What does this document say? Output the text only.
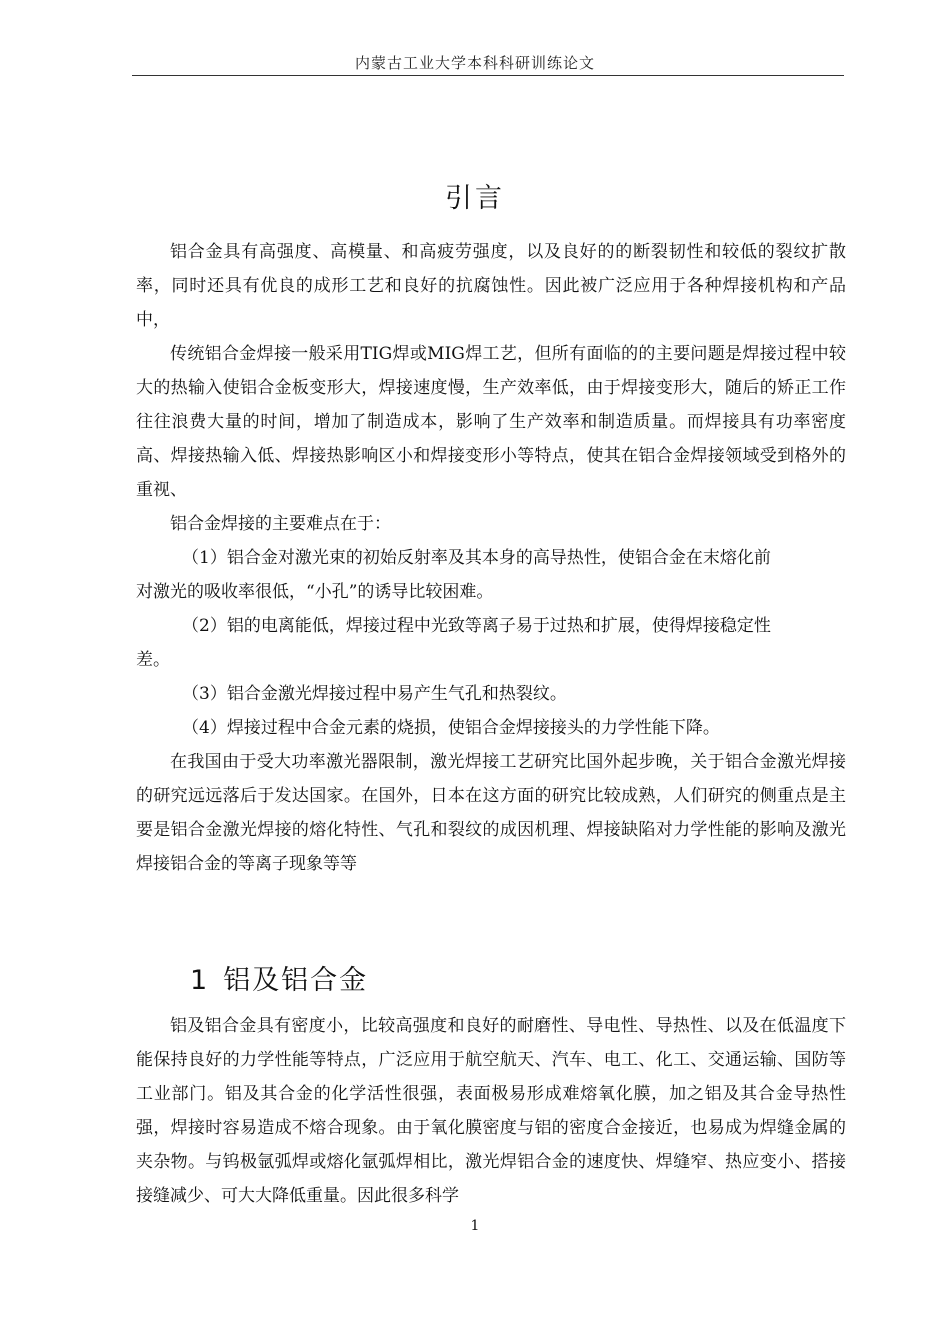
内蒙古工业大学本科科研训练论文
引言

铝合金具有高强度、高模量、和高疲劳强度，以及良好的的断裂韧性和较低的裂纹扩散率，同时还具有优良的成形工艺和良好的抗腐蚀性。因此被广泛应用于各种焊接机构和产品中，

传统铝合金焊接一般采用TIG焊或MIG焊工艺，但所有面临的的主要问题是焊接过程中较大的热输入使铝合金板变形大，焊接速度慢，生产效率低，由于焊接变形大，随后的矫正工作往往浪费大量的时间，增加了制造成本，影响了生产效率和制造质量。而焊接具有功率密度高、焊接热输入低、焊接热影响区小和焊接变形小等特点，使其在铝合金焊接领域受到格外的重视、

铝合金焊接的主要难点在于：

（1）铝合金对激光束的初始反射率及其本身的高导热性，使铝合金在末熔化前
对激光的吸收率很低，“小孔”的诱导比较困难。
（2）铝的电离能低，焊接过程中光致等离子易于过热和扩展，使得焊接稳定性
差。
（3）铝合金激光焊接过程中易产生气孔和热裂纹。
（4）焊接过程中合金元素的烧损，使铝合金焊接接头的力学性能下降。

在我国由于受大功率激光器限制，激光焊接工艺研究比国外起步晚，关于铝合金激光焊接的研究远远落后于发达国家。在国外，日本在这方面的研究比较成熟，人们研究的侧重点是主要是铝合金激光焊接的熔化特性、气孔和裂纹的成因机理、焊接缺陷对力学性能的影响及激光焊接铝合金的等离子现象等等

1 铝及铝合金

铝及铝合金具有密度小，比较高强度和良好的耐磨性、导电性、导热性、以及在低温度下能保持良好的力学性能等特点，广泛应用于航空航天、汽车、电工、化工、交通运输、国防等工业部门。铝及其合金的化学活性很强，表面极易形成难熔氧化膜，加之铝及其合金导热性强，焊接时容易造成不熔合现象。由于氧化膜密度与铝的密度合金接近，也易成为焊缝金属的夹杂物。与钨极氩弧焊或熔化氩弧焊相比，激光焊铝合金的速度快、焊缝窄、热应变小、搭接接缝减少、可大大降低重量。因此很多科学

1
